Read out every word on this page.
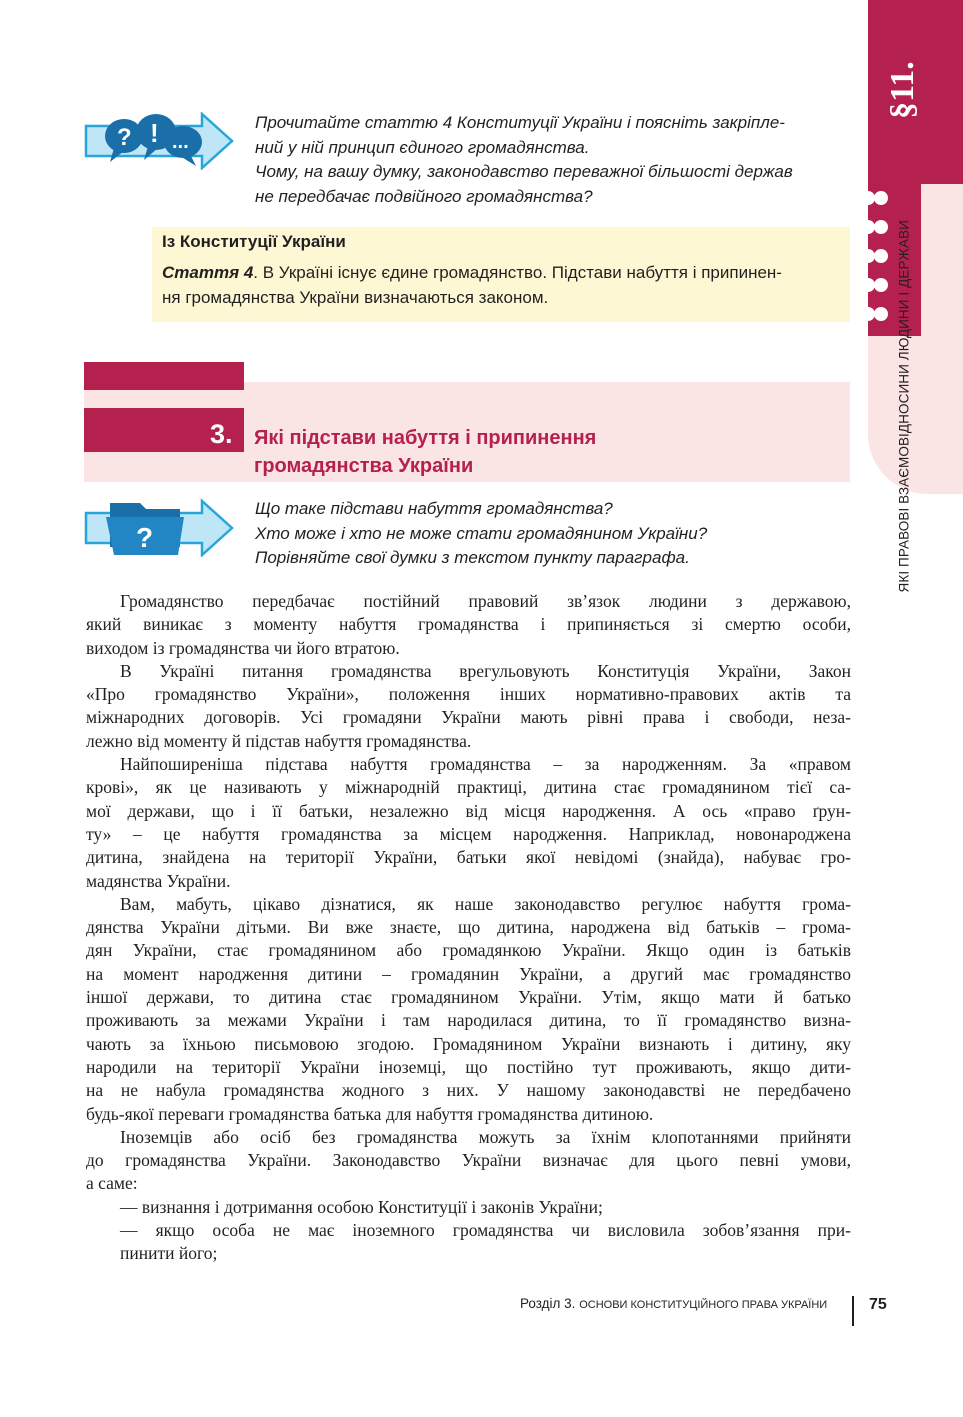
§11.
ЯКІ ПРАВОВІ ВЗАЄМОВІДНОСИНИ ЛЮДИНИ І ДЕРЖАВИ
? ! ...
Прочитайте статтю 4 Конституції України і поясніть закріпле-
ний у ній принцип єдиного громадянства.
Чому, на вашу думку, законодавство переважної більшості держав
не передбачає подвійного громадянства?
Із Конституції України
Стаття 4. В Україні існує єдине громадянство. Підстави набуття і припинен-
ня громадянства України визначаються законом.
3. Які підстави набуття і припинення
громадянства України
?
Що таке підстави набуття громадянства?
Хто може і хто не може стати громадянином України?
Порівняйте свої думки з текстом пункту параграфа.

Громадянство передбачає постійний правовий зв’язок людини з державою,
який виникає з моменту набуття громадянства і припиняється зі смертю особи,
виходом із громадянства чи його втратою.

В Україні питання громадянства врегульовують Конституція України, Закон
«Про громадянство України», положення інших нормативно-правових актів та
міжнародних договорів. Усі громадяни України мають рівні права і свободи, неза-
лежно від моменту й підстав набуття громадянства.

Найпоширеніша підстава набуття громадянства – за народженням. За «правом
крові», як це називають у міжнародній практиці, дитина стає громадянином тієї са-
мої держави, що і її батьки, незалежно від місця народження. А ось «право ґрун-
ту» – це набуття громадянства за місцем народження. Наприклад, новонароджена
дитина, знайдена на території України, батьки якої невідомі (знайда), набуває гро-
мадянства України.

Вам, мабуть, цікаво дізнатися, як наше законодавство регулює набуття грома-
дянства України дітьми. Ви вже знаєте, що дитина, народжена від батьків – грома-
дян України, стає громадянином або громадянкою України. Якщо один із батьків
на момент народження дитини – громадянин України, а другий має громадянство
іншої держави, то дитина стає громадянином України. Утім, якщо мати й батько
проживають за межами України і там народилася дитина, то її громадянство визна-
чають за їхньою письмовою згодою. Громадянином України визнають і дитину, яку
народили на території України іноземці, що постійно тут проживають, якщо дити-
на не набула громадянства жодного з них. У нашому законодавстві не передбачено
будь-якої переваги громадянства батька для набуття громадянства дитиною.

Іноземців або осіб без громадянства можуть за їхнім клопотаннями прийняти
до громадянства України. Законодавство України визначає для цього певні умови,
а саме:

— визнання і дотримання особою Конституції і законів України;

— якщо особа не має іноземного громадянства чи висловила зобов’язання при-
пинити його;

Розділ 3. ОСНОВИ КОНСТИТУЦІЙНОГО ПРАВА УКРАЇНИ	75
